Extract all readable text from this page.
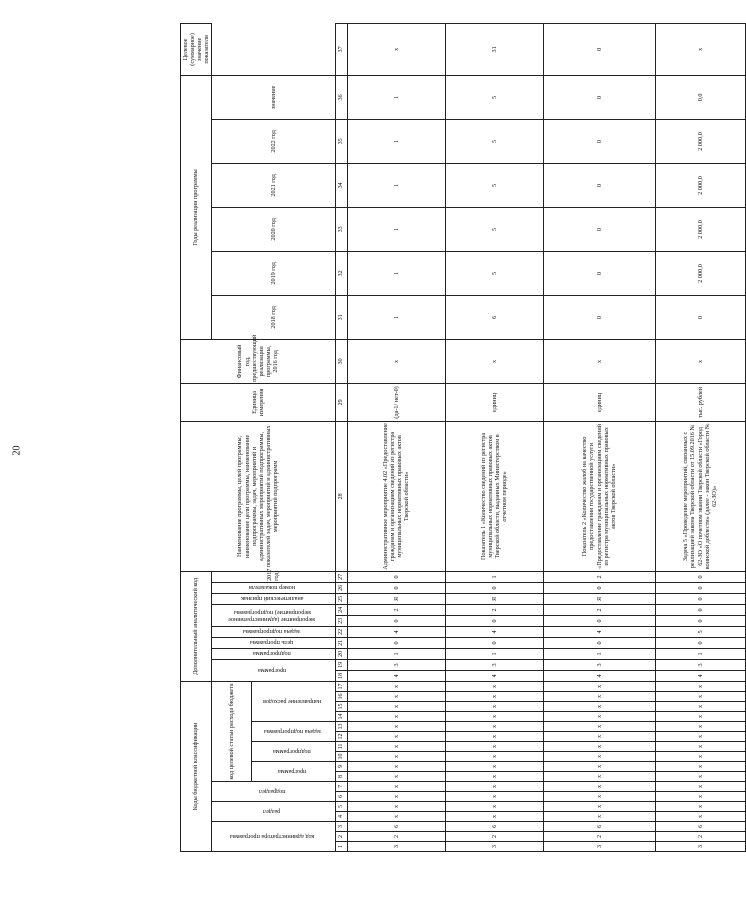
20
Коды бюджетной классификации																	Дополнительный аналитический код										Наименование программы, целей программы, наименование цели программы, наименование подпрограммы, задач, мероприятий и административных мероприятий подпрограммы, показателей задач, мероприятий и административных мероприятий подпрограмм	Единица измерения	Финансовый год, предшествующий реализации программы, 2016 год	Годы реализации программы						Целевое (суммарное) значение показателя
код администратора программы			раздел		подраздел		код целевой статьи расхода бюджета										программа		подпрограмма	цель программы	задача подпрограммы	мероприятие (административное мероприятие) подпрограммы		аналитический признак	номер показателя	2017 год				2018 год	2019 год	2020 год	2021 год	2022 год	значение	
							программа		подпрограмма		задача подпрограммы		направление расходов																							
1	2	3	4	5	6	7	8	9	10	11	12	13	14	15	16	17	18	19	20	21	22	23	24	25	26	27	28	29	30	31	32	33	34	35	36	37
3	2	6	x	x	x	x	x	x	x	x	x	x	x	x	x	x	4	3	1	0	4	0	2	Я	0	0	Административное мероприятие 4.02 «Предоставление гражданам и организациям сведений из регистра муниципальных нормативных правовых актов Тверской области»	(да-1/ нет-0)	x	1	1	1	1	1	1	x
3	2	6	x	x	x	x	x	x	x	x	x	x	x	x	x	x	4	3	1	0	4	0	2	Я	0	1	Показатель 1 «Количество сведений из регистра муниципальных нормативных правовых актов Тверской области, выданных Министерством в отчетном периоде»	единиц	x	6	5	5	5	5	5	31
3	2	6	x	x	x	x	x	x	x	x	x	x	x	x	x	x	4	3	1	0	4	0	2	Я	0	2	Показатель 2 «Количество жалоб на качество предоставления государственной услуги «Предоставление гражданам и организациям сведений из регистра муниципальных нормативных правовых актов Тверской области»	единиц	x	0	0	0	0	0	0	0
3	2	6	x	x	x	x	x	x	x	x	x	x	x	x	x	x	4	3	1	0	5	0	0	0	0	0	Задача 5 «Проведение мероприятий, связанных с реализацией закона Тверской области от 15.09.2016 № 62-ЗО «О почетном звании Тверской области «Город воинской доблести» (далее - закон Тверской области № 62-ЗО)»	тыс. рублей	x	0	2 000,0	2 000,0	2 000,0	2 000,0	0,0	x
